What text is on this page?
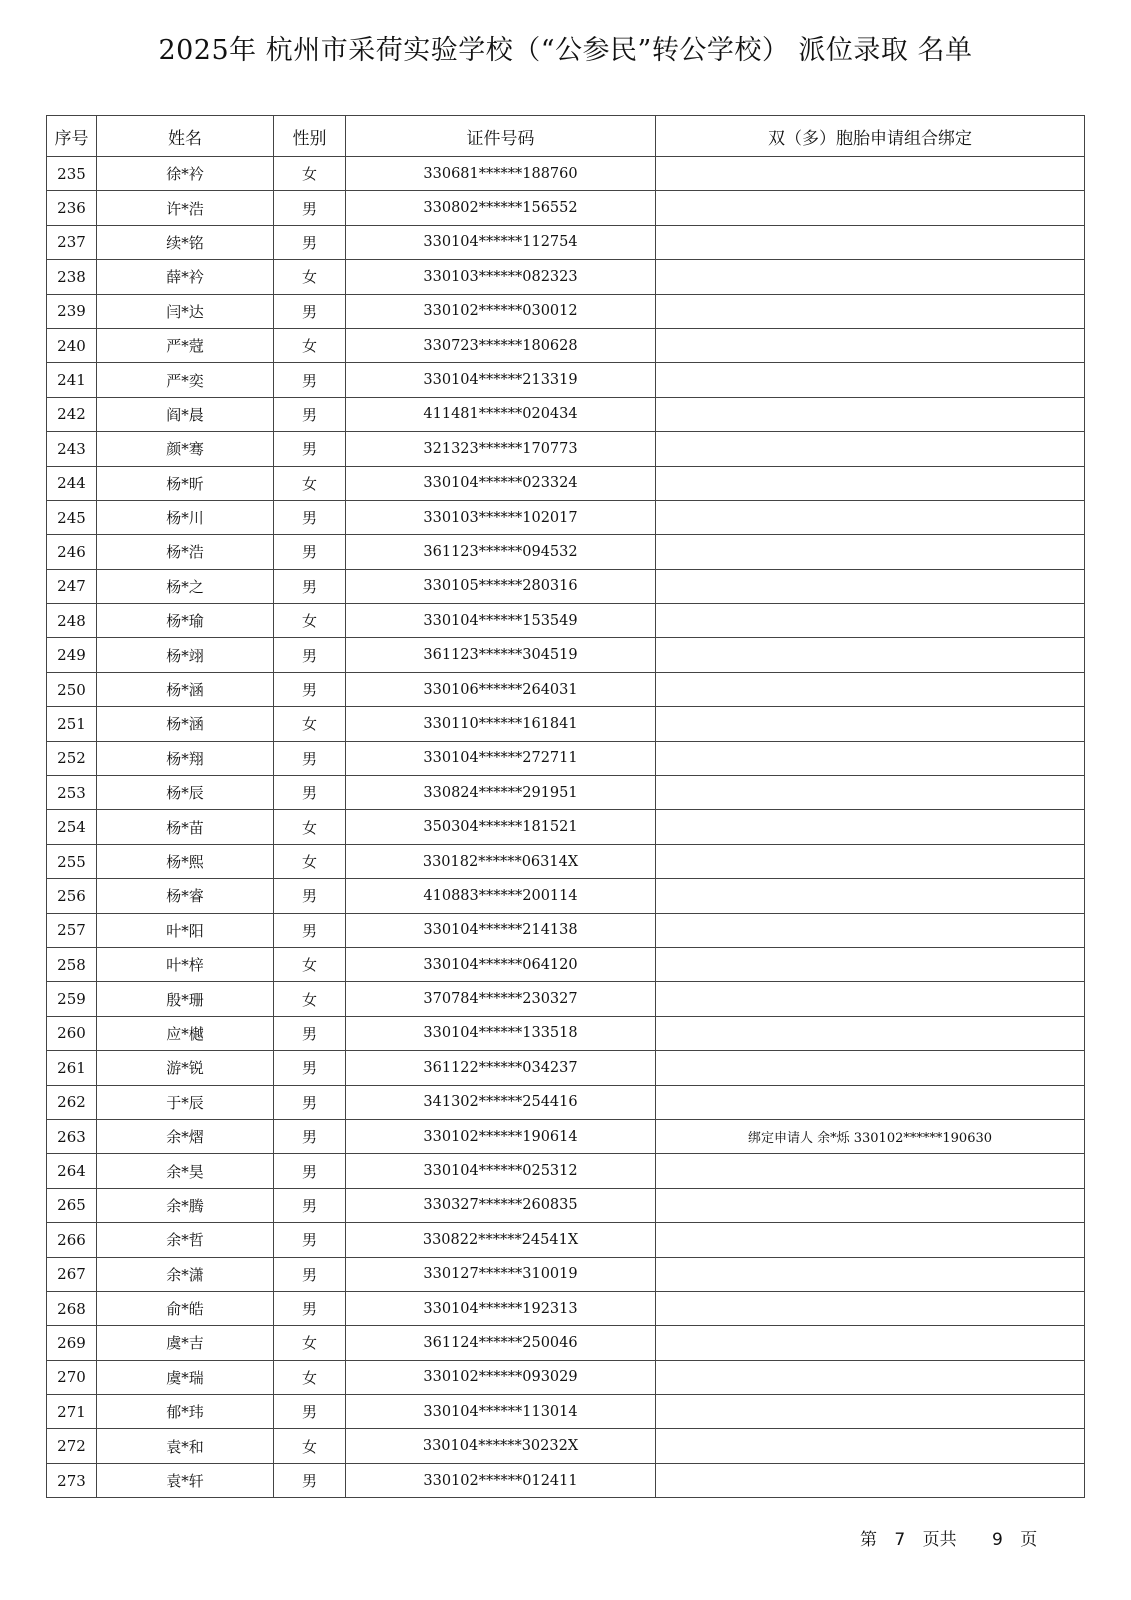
2025年 杭州市采荷实验学校（“公参民”转公学校） 派位录取 名单
序号	姓名	性别	证件号码	双（多）胞胎申请组合绑定
235	徐*衿	女	330681******188760	
236	许*浩	男	330802******156552	
237	续*铭	男	330104******112754	
238	薛*衿	女	330103******082323	
239	闫*达	男	330102******030012	
240	严*蒄	女	330723******180628	
241	严*奕	男	330104******213319	
242	阎*晨	男	411481******020434	
243	颜*骞	男	321323******170773	
244	杨*昕	女	330104******023324	
245	杨*川	男	330103******102017	
246	杨*浩	男	361123******094532	
247	杨*之	男	330105******280316	
248	杨*瑜	女	330104******153549	
249	杨*翊	男	361123******304519	
250	杨*涵	男	330106******264031	
251	杨*涵	女	330110******161841	
252	杨*翔	男	330104******272711	
253	杨*辰	男	330824******291951	
254	杨*苗	女	350304******181521	
255	杨*熙	女	330182******06314X	
256	杨*睿	男	410883******200114	
257	叶*阳	男	330104******214138	
258	叶*梓	女	330104******064120	
259	殷*珊	女	370784******230327	
260	应*樾	男	330104******133518	
261	游*锐	男	361122******034237	
262	于*辰	男	341302******254416	
263	余*熠	男	330102******190614	绑定申请人 余*烁 330102******190630
264	余*昊	男	330104******025312	
265	余*腾	男	330327******260835	
266	余*哲	男	330822******24541X	
267	余*潇	男	330127******310019	
268	俞*皓	男	330104******192313	
269	虞*吉	女	361124******250046	
270	虞*瑞	女	330102******093029	
271	郁*玮	男	330104******113014	
272	袁*和	女	330104******30232X	
273	袁*轩	男	330102******012411	
第 7 页共 9 页
